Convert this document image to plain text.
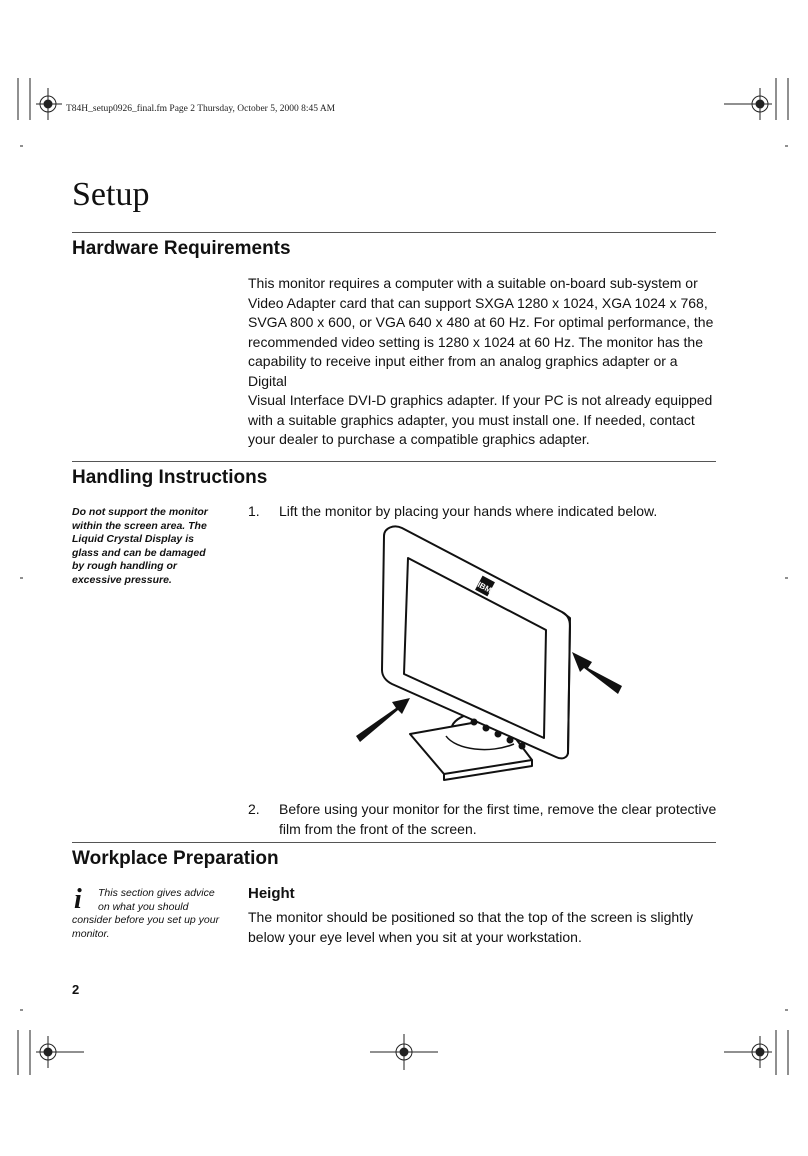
T84H_setup0926_final.fm Page 2 Thursday, October 5, 2000 8:45 AM
Setup
Hardware Requirements
This monitor requires a computer with a suitable on-board sub-system or
Video Adapter card that can support SXGA 1280 x 1024, XGA 1024 x 768,
SVGA 800 x 600, or VGA 640 x 480 at 60 Hz. For optimal performance, the
recommended video setting is 1280 x 1024 at 60 Hz. The monitor has the
capability to receive input either from an analog graphics adapter or a Digital
Visual Interface DVI-D graphics adapter. If your PC is not already equipped
with a suitable graphics adapter, you must install one. If needed, contact
your dealer to purchase a compatible graphics adapter.
Handling Instructions
Do not support the monitor
within the screen area. The
Liquid Crystal Display is
glass and can be damaged
by rough handling or
excessive pressure.
1. Lift the monitor by placing your hands where indicated below.
IBM
2. Before using your monitor for the first time, remove the clear protective
film from the front of the screen.
Workplace Preparation
i	This section gives advice
on what you should
consider before you set up your
monitor.
Height
The monitor should be positioned so that the top of the screen is slightly
below your eye level when you sit at your workstation.
2
